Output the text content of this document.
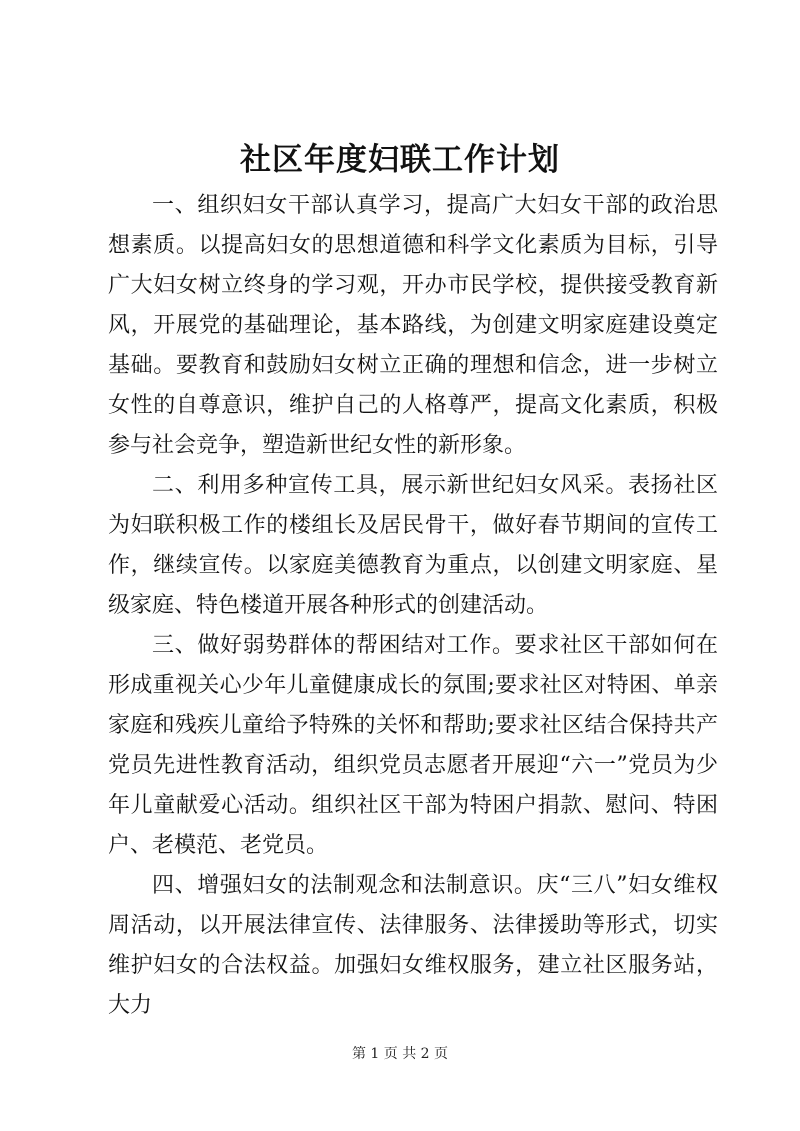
社区年度妇联工作计划

一、组织妇女干部认真学习，提高广大妇女干部的政治思想素质。以提高妇女的思想道德和科学文化素质为目标，引导广大妇女树立终身的学习观，开办市民学校，提供接受教育新风，开展党的基础理论，基本路线，为创建文明家庭建设奠定基础。要教育和鼓励妇女树立正确的理想和信念，进一步树立女性的自尊意识，维护自己的人格尊严，提高文化素质，积极参与社会竞争，塑造新世纪女性的新形象。

二、利用多种宣传工具，展示新世纪妇女风采。表扬社区为妇联积极工作的楼组长及居民骨干，做好春节期间的宣传工作，继续宣传。以家庭美德教育为重点，以创建文明家庭、星级家庭、特色楼道开展各种形式的创建活动。

三、做好弱势群体的帮困结对工作。要求社区干部如何在形成重视关心少年儿童健康成长的氛围;要求社区对特困、单亲家庭和残疾儿童给予特殊的关怀和帮助;要求社区结合保持共产党员先进性教育活动，组织党员志愿者开展迎“六一”党员为少年儿童献爱心活动。组织社区干部为特困户捐款、慰问、特困户、老模范、老党员。

四、增强妇女的法制观念和法制意识。庆“三八”妇女维权周活动，以开展法律宣传、法律服务、法律援助等形式，切实维护妇女的合法权益。加强妇女维权服务，建立社区服务站，大力

第 1 页 共 2 页
